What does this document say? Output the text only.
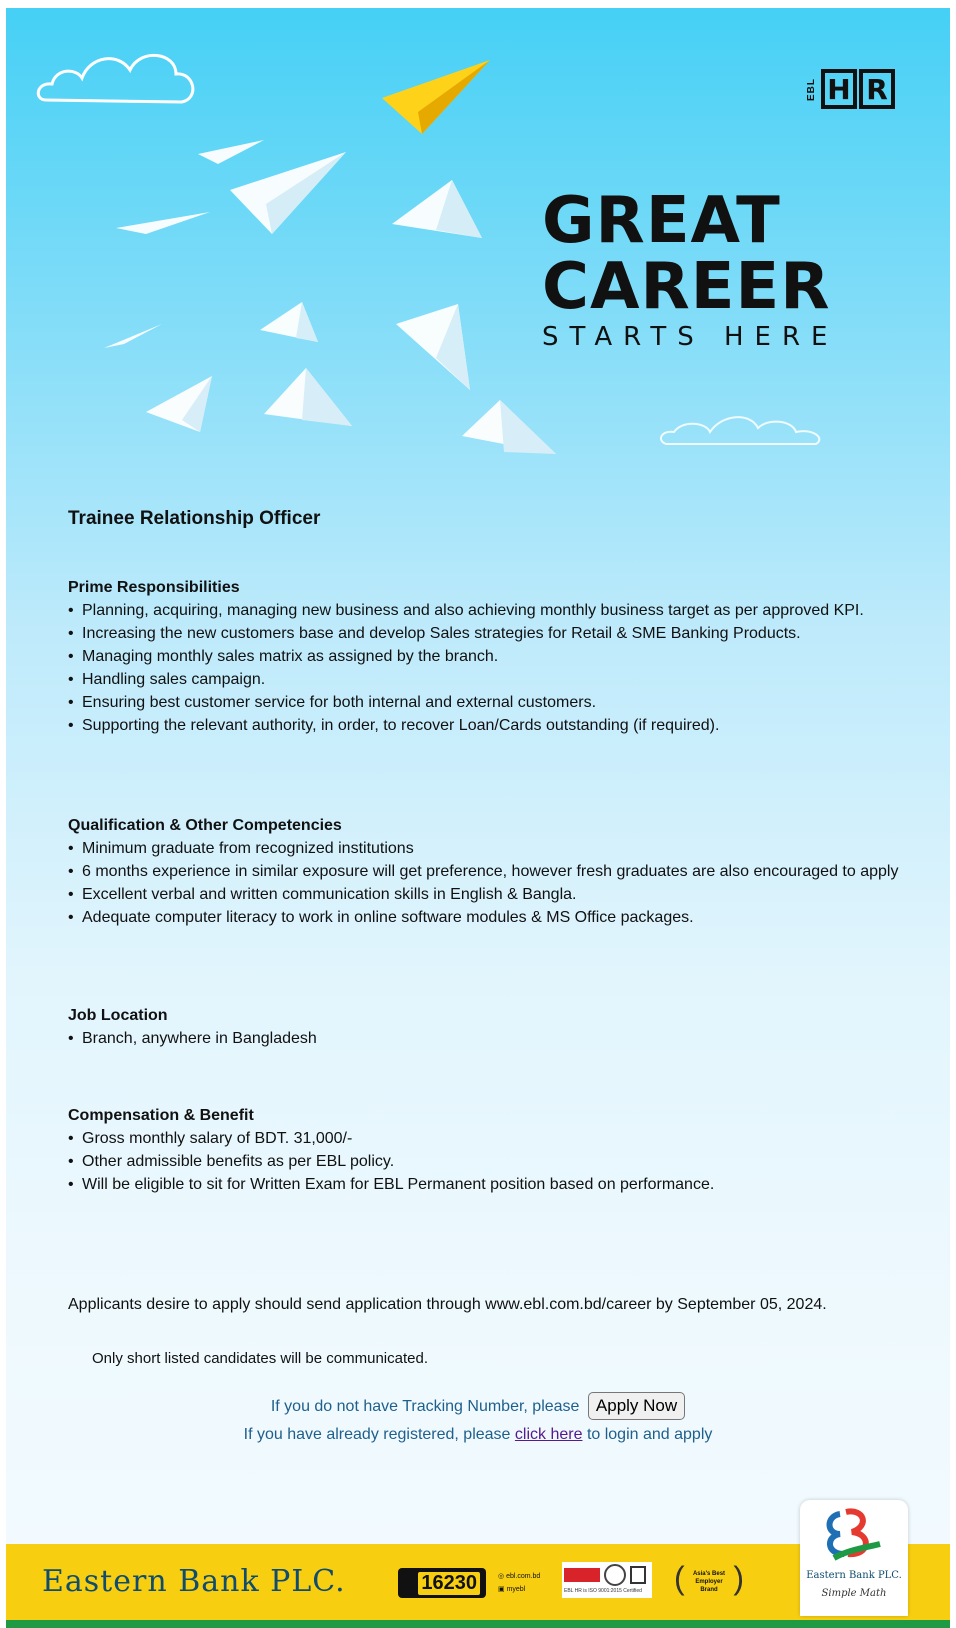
EBL H R
GREAT
CAREER
STARTS HERE
Trainee Relationship Officer
Prime Responsibilities
• Planning, acquiring, managing new business and also achieving monthly business target as per approved KPI.
• Increasing the new customers base and develop Sales strategies for Retail & SME Banking Products.
• Managing monthly sales matrix as assigned by the branch.
• Handling sales campaign.
• Ensuring best customer service for both internal and external customers.
• Supporting the relevant authority, in order, to recover Loan/Cards outstanding (if required).
Qualification & Other Competencies
• Minimum graduate from recognized institutions
• 6 months experience in similar exposure will get preference, however fresh graduates are also encouraged to apply
• Excellent verbal and written communication skills in English & Bangla.
• Adequate computer literacy to work in online software modules & MS Office packages.
Job Location
• Branch, anywhere in Bangladesh
Compensation & Benefit
• Gross monthly salary of BDT. 31,000/-
• Other admissible benefits as per EBL policy.
• Will be eligible to sit for Written Exam for EBL Permanent position based on performance.
Applicants desire to apply should send application through www.ebl.com.bd/career by September 05, 2024.
Only short listed candidates will be communicated.
If you do not have Tracking Number, please Apply Now
If you have already registered, please click here to login and apply
Eastern Bank PLC.	16230	◎ ebl.com.bd
▣ myebl	EBL HR is ISO 9001:2015 Certified (	Asia's Best Employer Brand )	Eastern Bank PLC.
Simple Math
